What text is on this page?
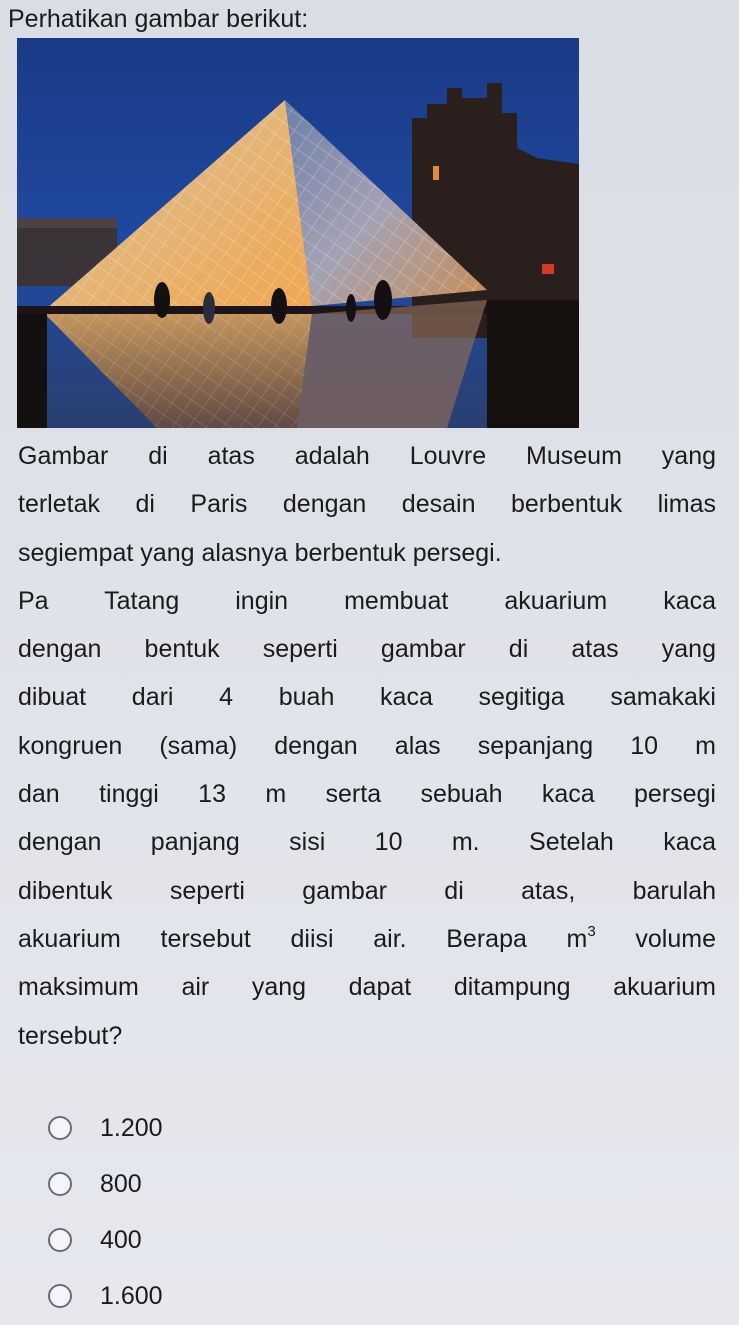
Perhatikan gambar berikut:

Gambar di atas adalah Louvre Museum yang

terletak di Paris dengan desain berbentuk limas

segiempat yang alasnya berbentuk persegi.

Pa Tatang ingin membuat akuarium kaca

dengan bentuk seperti gambar di atas yang

dibuat dari 4 buah kaca segitiga samakaki

kongruen (sama) dengan alas sepanjang 10 m

dan tinggi 13 m serta sebuah kaca persegi

dengan panjang sisi 10 m. Setelah kaca

dibentuk seperti gambar di atas, barulah

akuarium tersebut diisi air. Berapa $m^3$ volume

maksimum air yang dapat ditampung akuarium

tersebut?

1.200
800
400
1.600
